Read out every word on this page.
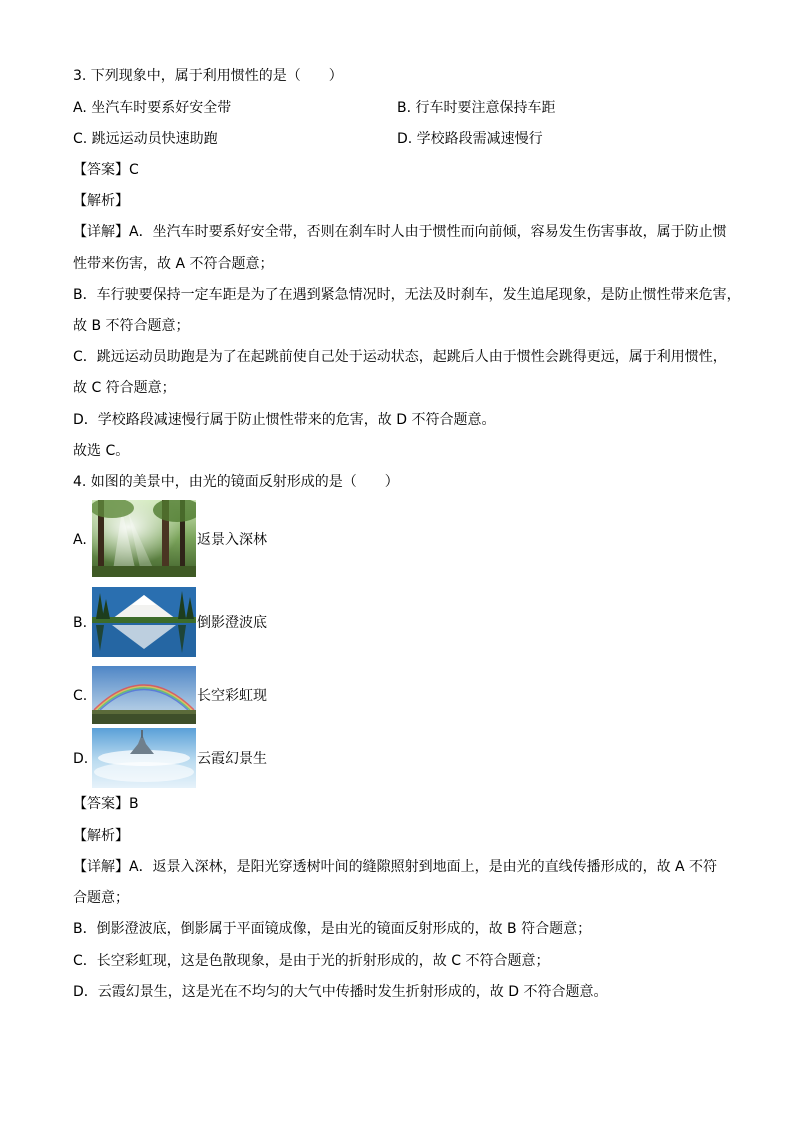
3. 下列现象中，属于利用惯性的是（　　）
A. 坐汽车时要系好安全带	B. 行车时要注意保持车距
C. 跳远运动员快速助跑	D. 学校路段需减速慢行
【答案】C
【解析】
【详解】A．坐汽车时要系好安全带，否则在刹车时人由于惯性而向前倾，容易发生伤害事故，属于防止惯
性带来伤害，故 A 不符合题意；
B．车行驶要保持一定车距是为了在遇到紧急情况时，无法及时刹车，发生追尾现象，是防止惯性带来危害，
故 B 不符合题意；
C．跳远运动员助跑是为了在起跳前使自己处于运动状态，起跳后人由于惯性会跳得更远，属于利用惯性，
故 C 符合题意；
D．学校路段减速慢行属于防止惯性带来的危害，故 D 不符合题意。
故选 C。
4. 如图的美景中，由光的镜面反射形成的是（　　）
A.	返景入深林
B.	倒影澄波底
C.	长空彩虹现
D.	云霞幻景生
【答案】B
【解析】
【详解】A．返景入深林，是阳光穿透树叶间的缝隙照射到地面上，是由光的直线传播形成的，故 A 不符
合题意；
B．倒影澄波底，倒影属于平面镜成像，是由光的镜面反射形成的，故 B 符合题意；
C．长空彩虹现，这是色散现象，是由于光的折射形成的，故 C 不符合题意；
D．云霞幻景生，这是光在不均匀的大气中传播时发生折射形成的，故 D 不符合题意。
